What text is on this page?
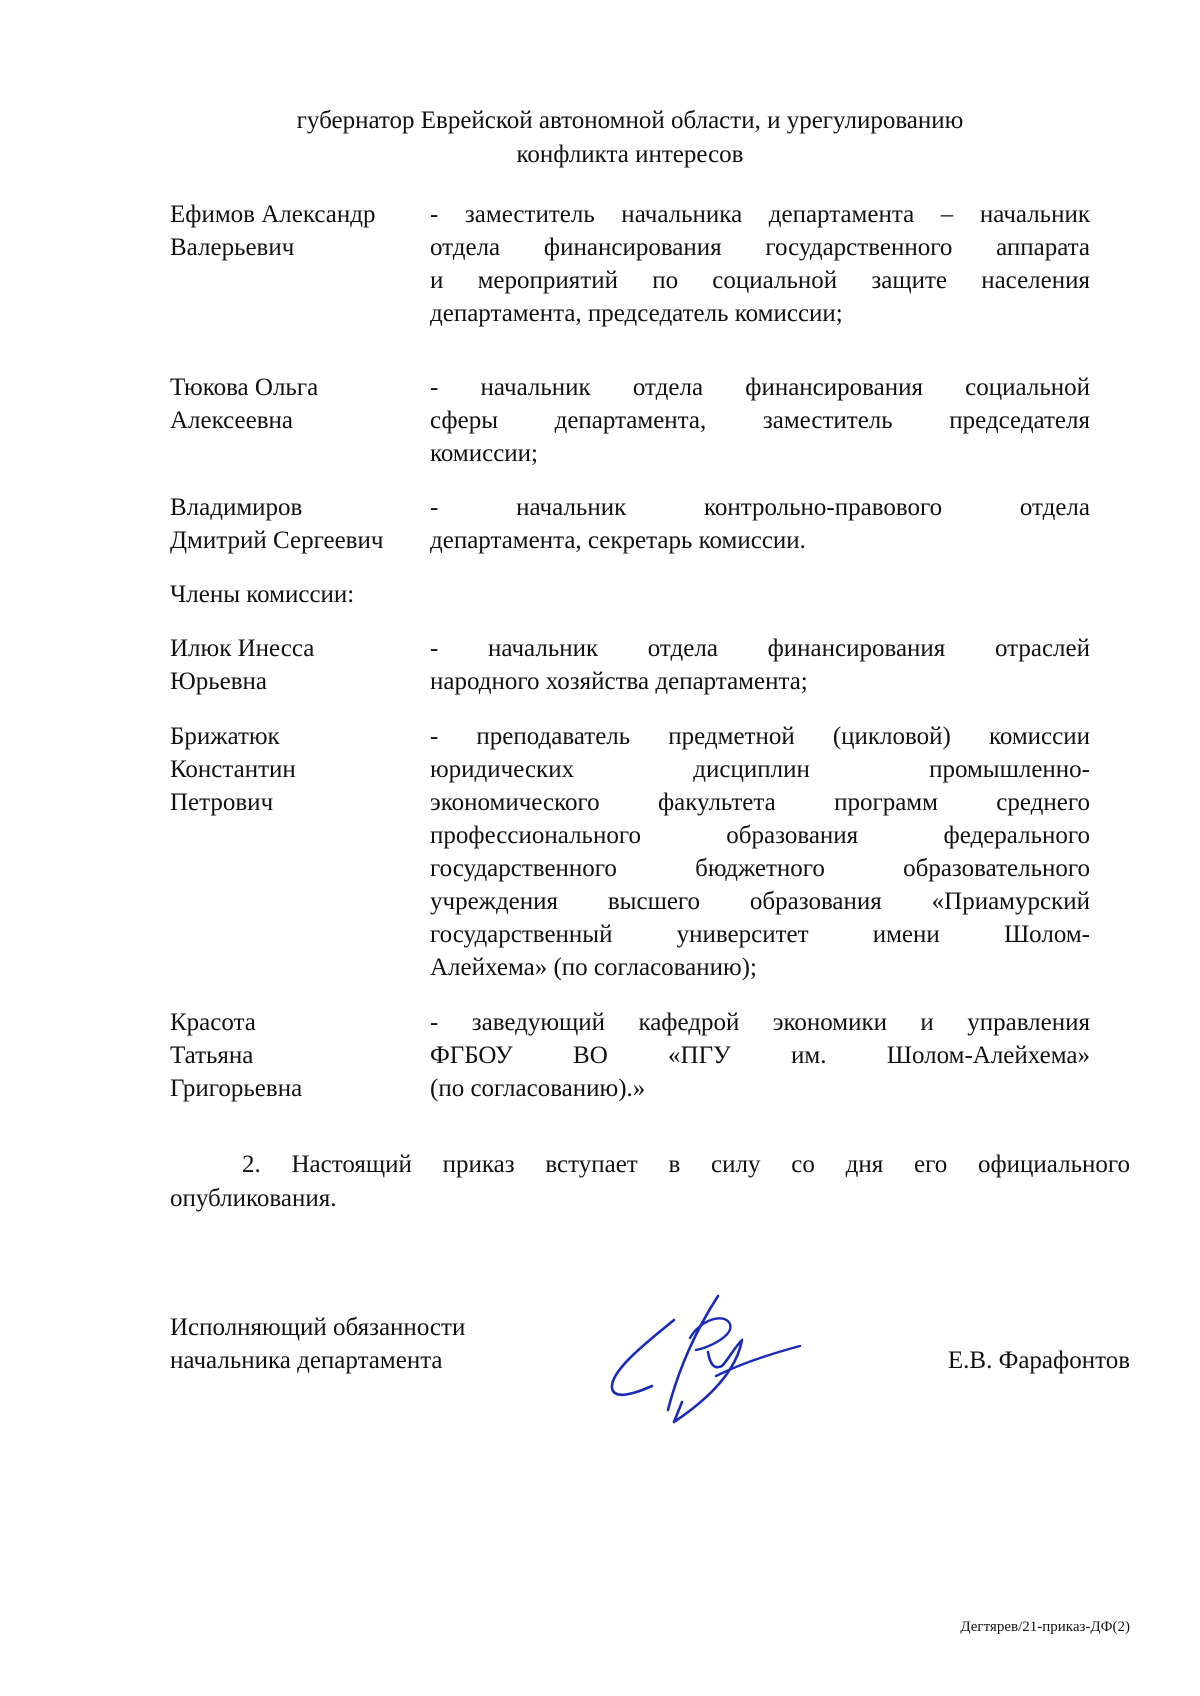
губернатор Еврейской автономной области, и урегулированию
конфликта интересов
Ефимов Александр
Валерьевич
- заместитель начальника департамента – начальник
отдела финансирования государственного аппарата
и мероприятий по социальной защите населения
департамента, председатель комиссии;
Тюкова Ольга
Алексеевна
- начальник отдела финансирования социальной
сферы департамента, заместитель председателя
комиссии;
Владимиров
Дмитрий Сергеевич
- начальник контрольно-правового отдела
департамента, секретарь комиссии.
Члены комиссии:
Илюк Инесса
Юрьевна
- начальник отдела финансирования отраслей
народного хозяйства департамента;
Брижатюк
Константин
Петрович
- преподаватель предметной (цикловой) комиссии
юридических дисциплин промышленно-
экономического факультета программ среднего
профессионального образования федерального
государственного бюджетного образовательного
учреждения высшего образования «Приамурский
государственный университет имени Шолом-
Алейхема» (по согласованию);
Красота
Татьяна
Григорьевна
- заведующий кафедрой экономики и управления
ФГБОУ ВО «ПГУ им. Шолом-Алейхема»
(по согласованию).»
2. Настоящий приказ вступает в силу со дня его официального
опубликования.
Исполняющий обязанности
начальника департамента	Е.В. Фарафонтов
Дегтярев/21-приказ-ДФ(2)
